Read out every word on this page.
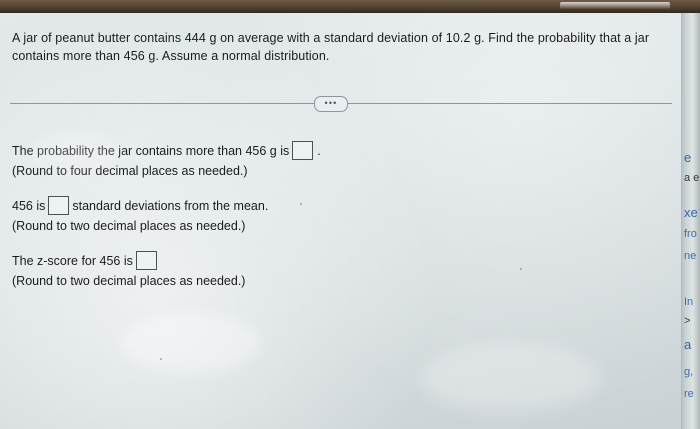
A jar of peanut butter contains 444 g on average with a standard deviation of 10.2 g. Find the probability that a jar contains more than 456 g. Assume a normal distribution.
•••
The probability the jar contains more than 456 g is .
(Round to four decimal places as needed.)
456 is standard deviations from the mean.
(Round to two decimal places as needed.)
The z-score for 456 is
(Round to two decimal places as needed.)
e
a e
xe
fro
ne
In
>
a
g,
re
